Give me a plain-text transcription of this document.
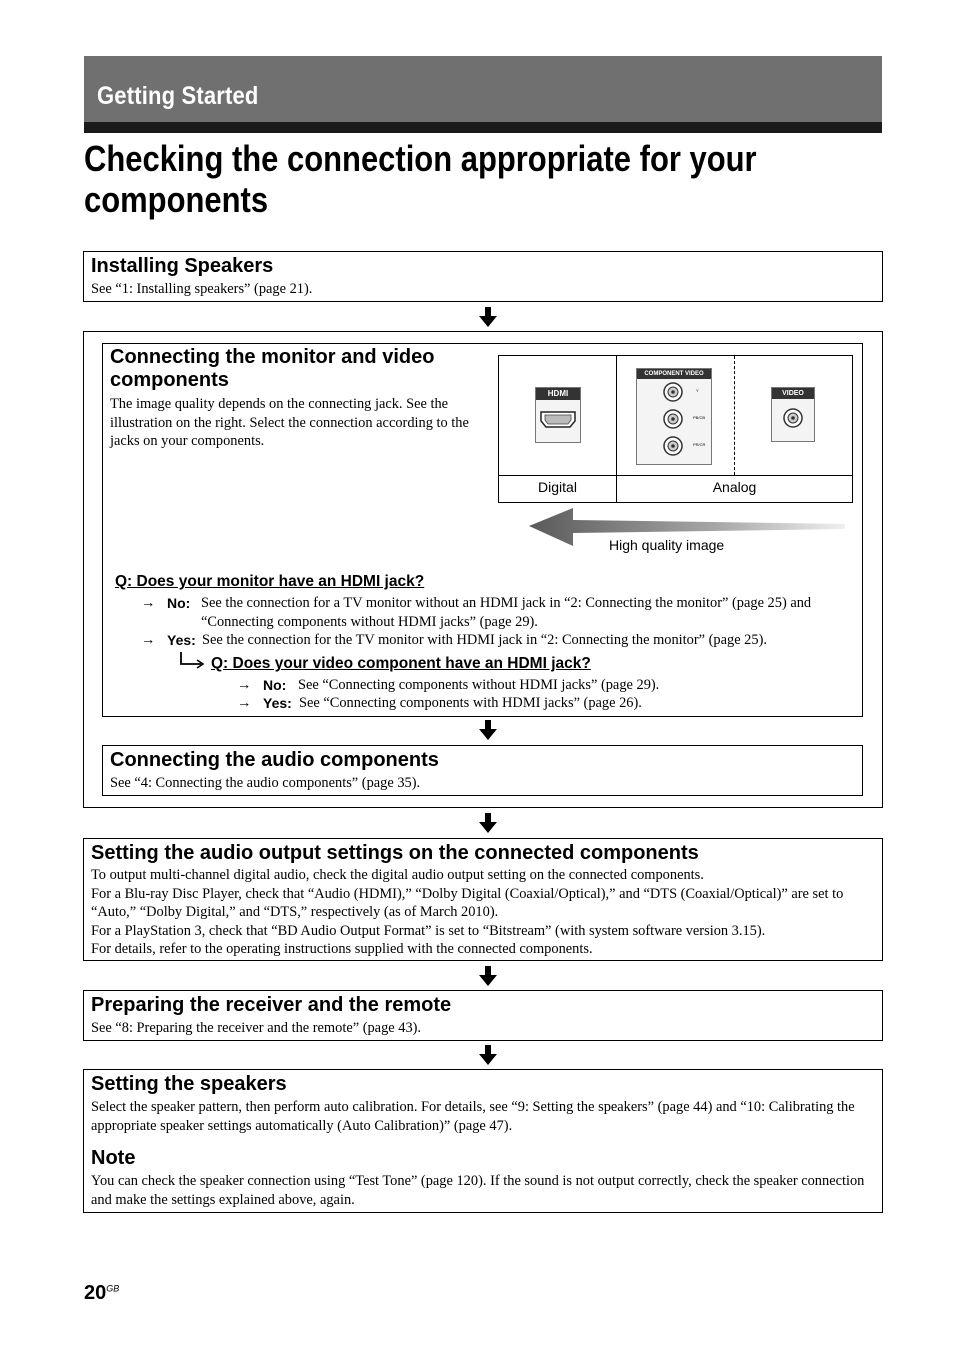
Getting Started
Checking the connection appropriate for your components
Installing Speakers
See “1: Installing speakers” (page 21).
Connecting the monitor and video components
The image quality depends on the connecting jack. See the illustration on the right. Select the connection according to the jacks on your components.
HDMI
COMPONENT VIDEO
Y
PB/CB
PR/CR
VIDEO
Digital	Analog
High quality image
Q: Does your monitor have an HDMI jack?
→ No: See the connection for a TV monitor without an HDMI jack in “2: Connecting the monitor” (page 25) and “Connecting components without HDMI jacks” (page 29).
→ Yes: See the connection for the TV monitor with HDMI jack in “2: Connecting the monitor” (page 25).
Q: Does your video component have an HDMI jack?
→ No: See “Connecting components without HDMI jacks” (page 29).
→ Yes: See “Connecting components with HDMI jacks” (page 26).
Connecting the audio components
See “4: Connecting the audio components” (page 35).
Setting the audio output settings on the connected components
To output multi-channel digital audio, check the digital audio output setting on the connected components.
For a Blu-ray Disc Player, check that “Audio (HDMI),” “Dolby Digital (Coaxial/Optical),” and “DTS (Coaxial/Optical)” are set to “Auto,” “Dolby Digital,” and “DTS,” respectively (as of March 2010).
For a PlayStation 3, check that “BD Audio Output Format” is set to “Bitstream” (with system software version 3.15).
For details, refer to the operating instructions supplied with the connected components.
Preparing the receiver and the remote
See “8: Preparing the receiver and the remote” (page 43).
Setting the speakers
Select the speaker pattern, then perform auto calibration. For details, see “9: Setting the speakers” (page 44) and “10: Calibrating the appropriate speaker settings automatically (Auto Calibration)” (page 47).
Note
You can check the speaker connection using “Test Tone” (page 120). If the sound is not output correctly, check the speaker connection and make the settings explained above, again.
$20^{GB}$
